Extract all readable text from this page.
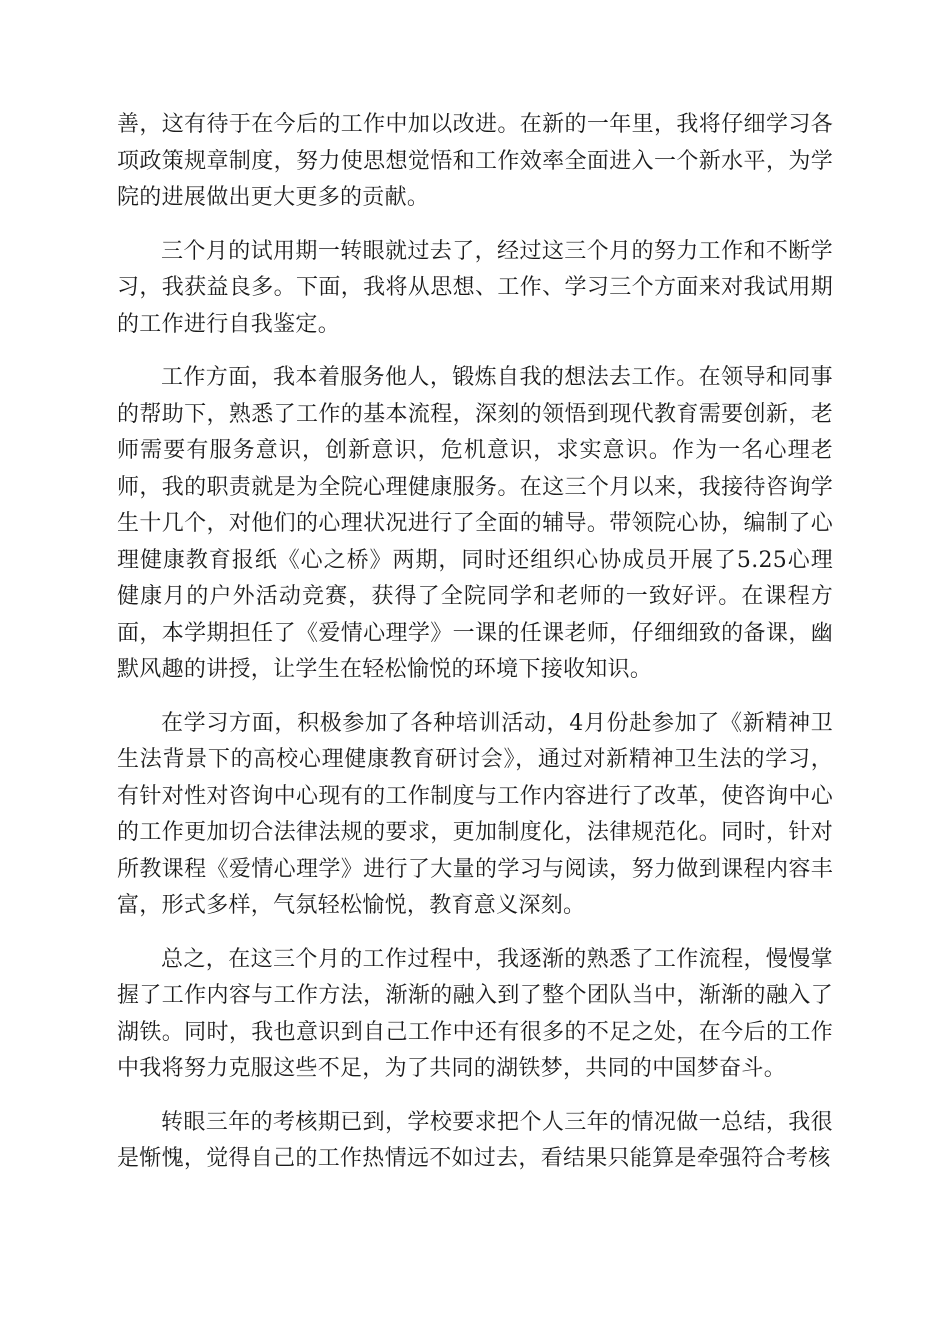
善，这有待于在今后的工作中加以改进。在新的一年里，我将仔细学习各项政策规章制度，努力使思想觉悟和工作效率全面进入一个新水平，为学院的进展做出更大更多的贡献。

三个月的试用期一转眼就过去了，经过这三个月的努力工作和不断学习，我获益良多。下面，我将从思想、工作、学习三个方面来对我试用期的工作进行自我鉴定。

工作方面，我本着服务他人，锻炼自我的想法去工作。在领导和同事的帮助下，熟悉了工作的基本流程，深刻的领悟到现代教育需要创新，老师需要有服务意识，创新意识，危机意识，求实意识。作为一名心理老师，我的职责就是为全院心理健康服务。在这三个月以来，我接待咨询学生十几个，对他们的心理状况进行了全面的辅导。带领院心协，编制了心理健康教育报纸《心之桥》两期，同时还组织心协成员开展了5.25心理健康月的户外活动竞赛，获得了全院同学和老师的一致好评。在课程方面，本学期担任了《爱情心理学》一课的任课老师，仔细细致的备课，幽默风趣的讲授，让学生在轻松愉悦的环境下接收知识。

在学习方面，积极参加了各种培训活动，4月份赴参加了《新精神卫生法背景下的高校心理健康教育研讨会》，通过对新精神卫生法的学习，有针对性对咨询中心现有的工作制度与工作内容进行了改革，使咨询中心的工作更加切合法律法规的要求，更加制度化，法律规范化。同时，针对所教课程《爱情心理学》进行了大量的学习与阅读，努力做到课程内容丰富，形式多样，气氛轻松愉悦，教育意义深刻。

总之，在这三个月的工作过程中，我逐渐的熟悉了工作流程，慢慢掌握了工作内容与工作方法，渐渐的融入到了整个团队当中，渐渐的融入了湖铁。同时，我也意识到自己工作中还有很多的不足之处，在今后的工作中我将努力克服这些不足，为了共同的湖铁梦，共同的中国梦奋斗。

转眼三年的考核期已到，学校要求把个人三年的情况做一总结，我很是惭愧，觉得自己的工作热情远不如过去，看结果只能算是牵强符合考核
